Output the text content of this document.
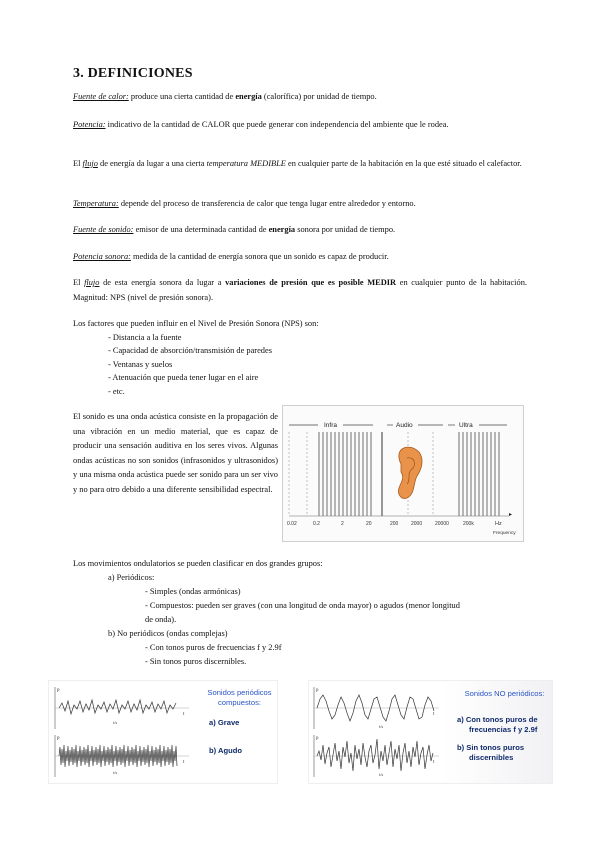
3. DEFINICIONES

Fuente de calor: produce una cierta cantidad de energía (calorífica) por unidad de tiempo.

Potencia: indicativo de la cantidad de CALOR que puede generar con independencia del ambiente que le rodea.

El flujo de energía da lugar a una cierta temperatura MEDIBLE en cualquier parte de la habitación en la que esté situado el calefactor.

Temperatura: depende del proceso de transferencia de calor que tenga lugar entre alrededor y entorno.

Fuente de sonido: emisor de una determinada cantidad de energía sonora por unidad de tiempo.

Potencia sonora: medida de la cantidad de energía sonora que un sonido es capaz de producir.

El flujo de esta energía sonora da lugar a variaciones de presión que es posible MEDIR en cualquier punto de la habitación. Magnitud: NPS (nivel de presión sonora).

Los factores que pueden influir en el Nivel de Presión Sonora (NPS) son:

- Distancia a la fuente
- Capacidad de absorción/transmisión de paredes
- Ventanas y suelos
- Atenuación que pueda tener lugar en el aire
- etc.

El sonido es una onda acústica consiste en la propagación de una vibración en un medio material, que es capaz de producir una sensación auditiva en los seres vivos. Algunas ondas acústicas no son sonidos (infrasonidos y ultrasonidos) y una misma onda acústica puede ser sonido para un ser vivo y no para otro debido a una diferente sensibilidad espectral.

Infra	Audio	Ultra
0.02	0.2	2	20	200	2000	20000	200k	Hz
Frequency
▸

Los movimientos ondulatorios se pueden clasificar en dos grandes grupos:

a) Periódicos:

- Simples (ondas armónicas)

- Compuestos: pueden ser graves (con una longitud de onda mayor) o agudos (menor longitud

de onda).

b) No periódicos (ondas complejas)

- Con tonos puros de frecuencias f y 2.9f

- Sin tonos puros discernibles.

p
t
t/s
p
t
t/s
Sonidos periódicos
compuestos:
a) Grave
b) Agudo
p
t
t/s
p
t
t/s
Sonidos NO periódicos:
a) Con tonos puros de
frecuencias f y 2.9f
b) Sin tonos puros
discernibles
